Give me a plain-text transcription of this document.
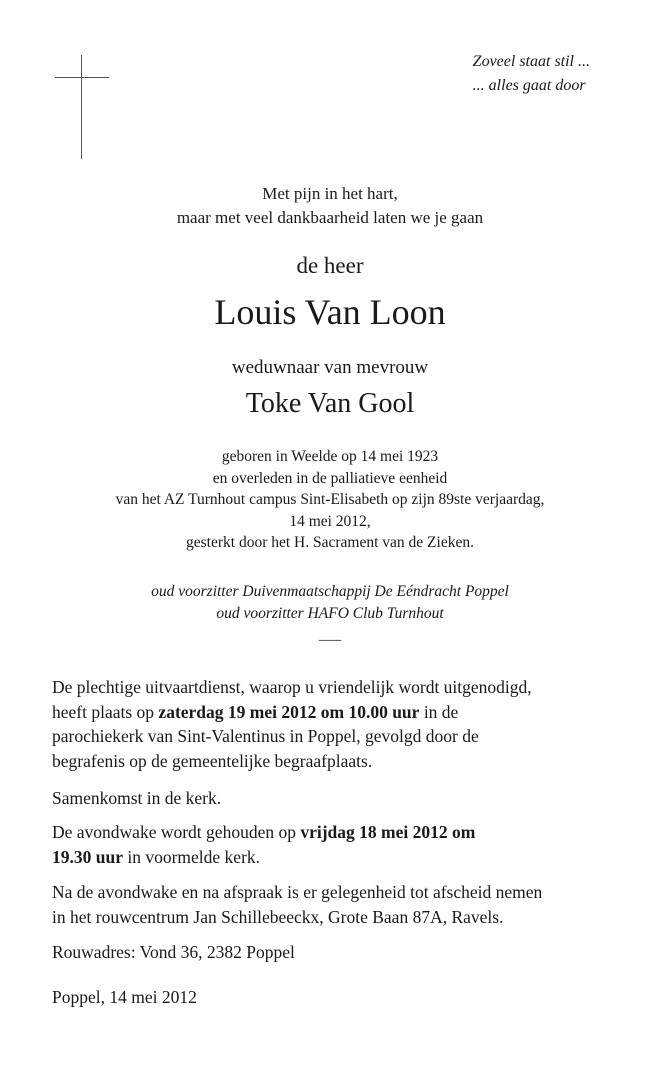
Zoveel staat stil ...
... alles gaat door
Met pijn in het hart,
maar met veel dankbaarheid laten we je gaan
de heer
Louis Van Loon
weduwnaar van mevrouw
Toke Van Gool
geboren in Weelde op 14 mei 1923
en overleden in de palliatieve eenheid
van het AZ Turnhout campus Sint-Elisabeth op zijn 89ste verjaardag,
14 mei 2012,
gesterkt door het H. Sacrament van de Zieken.
oud voorzitter Duivenmaatschappij De Eéndracht Poppel
oud voorzitter HAFO Club Turnhout
___
De plechtige uitvaartdienst, waarop u vriendelijk wordt uitgenodigd,
heeft plaats op zaterdag 19 mei 2012 om 10.00 uur in de
parochiekerk van Sint-Valentinus in Poppel, gevolgd door de
begrafenis op de gemeentelijke begraafplaats.
Samenkomst in de kerk.
De avondwake wordt gehouden op vrijdag 18 mei 2012 om
19.30 uur in voormelde kerk.
Na de avondwake en na afspraak is er gelegenheid tot afscheid nemen
in het rouwcentrum Jan Schillebeeckx, Grote Baan 87A, Ravels.
Rouwadres: Vond 36, 2382 Poppel
Poppel, 14 mei 2012
